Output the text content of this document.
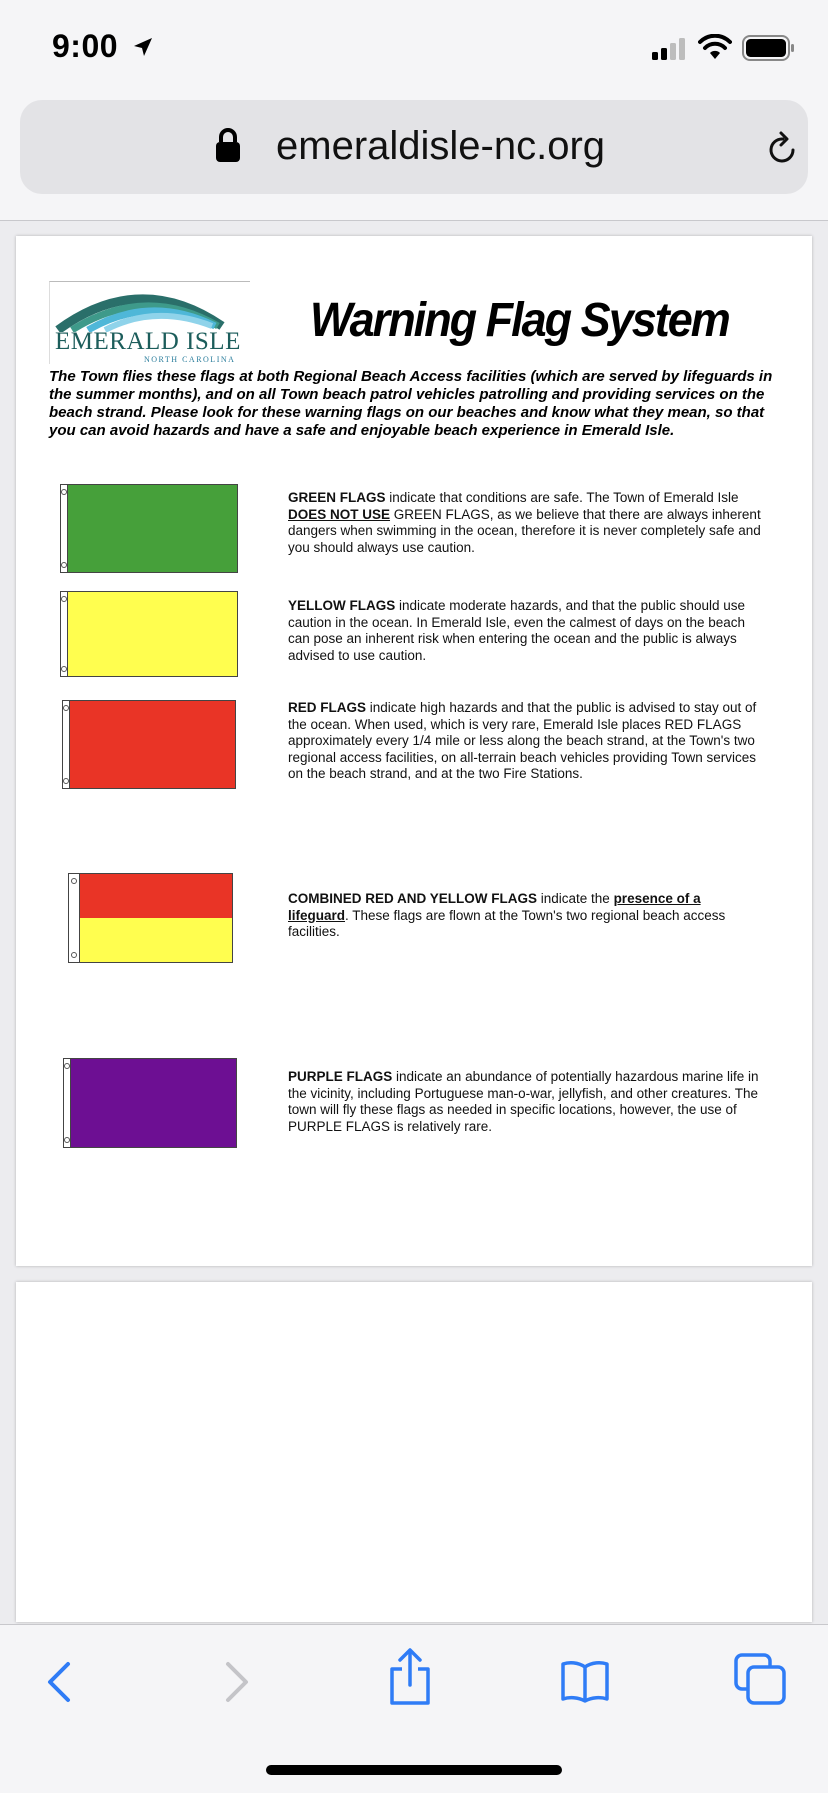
9:00
emeraldisle-nc.org
EMERALD ISLE
NORTH CAROLINA
Warning Flag System
The Town flies these flags at both Regional Beach Access facilities (which are served by lifeguards in the summer months), and on all Town beach patrol vehicles patrolling and providing services on the beach strand. Please look for these warning flags on our beaches and know what they mean, so that you can avoid hazards and have a safe and enjoyable beach experience in Emerald Isle.
GREEN FLAGS indicate that conditions are safe. The Town of Emerald Isle DOES NOT USE GREEN FLAGS, as we believe that there are always inherent dangers when swimming in the ocean, therefore it is never completely safe and you should always use caution.
YELLOW FLAGS indicate moderate hazards, and that the public should use caution in the ocean. In Emerald Isle, even the calmest of days on the beach can pose an inherent risk when entering the ocean and the public is always advised to use caution.
RED FLAGS indicate high hazards and that the public is advised to stay out of the ocean. When used, which is very rare, Emerald Isle places RED FLAGS approximately every 1/4 mile or less along the beach strand, at the Town's two regional access facilities, on all-terrain beach vehicles providing Town services on the beach strand, and at the two Fire Stations.
COMBINED RED AND YELLOW FLAGS indicate the presence of a lifeguard. These flags are flown at the Town's two regional beach access facilities.
PURPLE FLAGS indicate an abundance of potentially hazardous marine life in the vicinity, including Portuguese man-o-war, jellyfish, and other creatures. The town will fly these flags as needed in specific locations, however, the use of PURPLE FLAGS is relatively rare.
